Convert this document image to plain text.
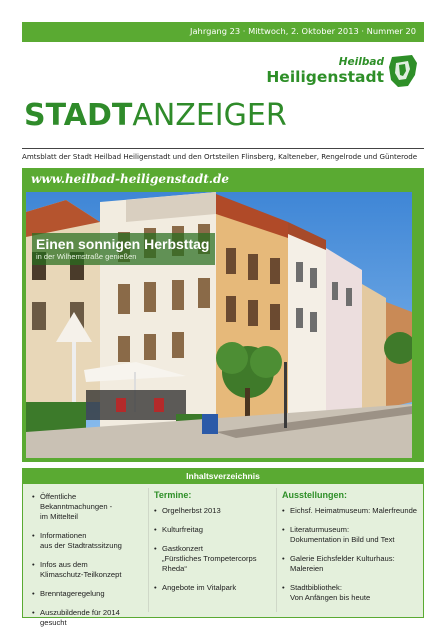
Jahrgang 23 · Mittwoch, 2. Oktober 2013 · Nummer 20
Heilbad
Heiligenstadt
STADTANZEIGER
Amtsblatt der Stadt Heilbad Heiligenstadt und den Ortsteilen Flinsberg, Kalteneber, Rengelrode und Günterode
www.heilbad-heiligenstadt.de
Einen sonnigen Herbsttag
in der Wilhemstraße genießen
Inhaltsverzeichnis
• Öffentliche Bekanntmachungen -
im Mittelteil
• Informationen
aus der Stadtratssitzung
• Infos aus dem
Klimaschutz-Teilkonzept
• Brenntageregelung
• Auszubildende für 2014 gesucht
Termine:
• Orgelherbst 2013
• Kulturfreitag
• Gastkonzert
„Fürstliches Trompetercorps Rheda“
• Angebote im Vitalpark
Ausstellungen:
• Eichsf. Heimatmuseum: Malerfreunde
• Literaturmuseum:
Dokumentation in Bild und Text
• Galerie Eichsfelder Kulturhaus:
Malereien
• Stadtbibliothek:
Von Anfängen bis heute
